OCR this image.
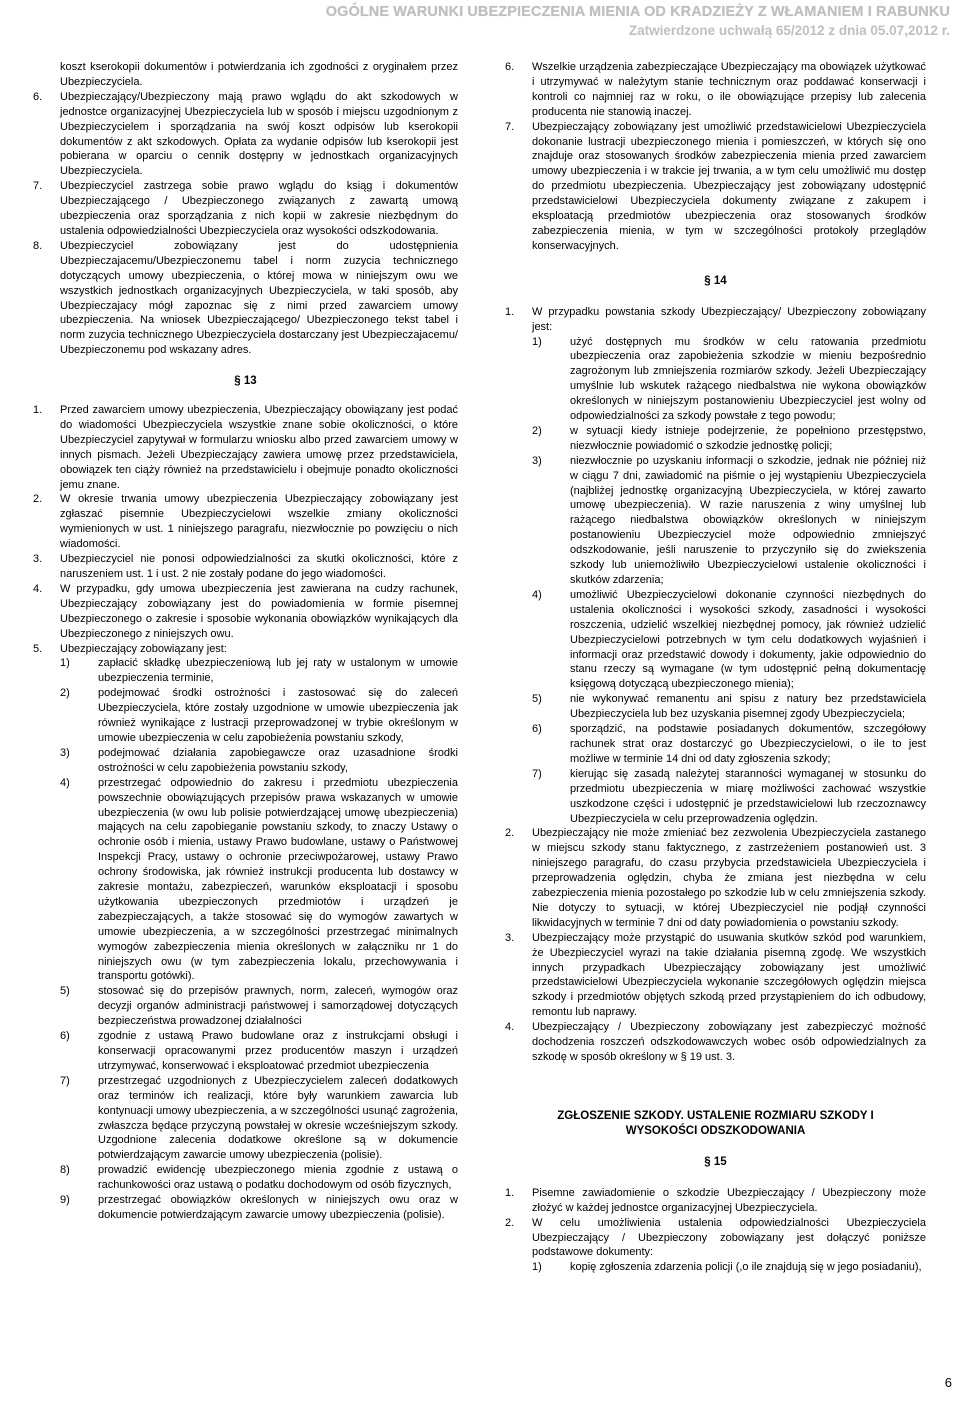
OGÓLNE WARUNKI UBEZPIECZENIA MIENIA OD KRADZIEŻY Z WŁAMANIEM I RABUNKU
Zatwierdzone uchwałą 65/2012 z dnia 05.07,2012 r.
koszt kserokopii dokumentów i potwierdzania ich zgodności z oryginałem przez Ubezpieczyciela.
6.	Ubezpieczający/Ubezpieczony mają prawo wglądu do akt szkodowych w jednostce organizacyjnej Ubezpieczyciela lub w sposób i miejscu uzgodnionym z Ubezpieczycielem i sporządzania na swój koszt odpisów lub kserokopii dokumentów z akt szkodowych. Opłata za wydanie odpisów lub kserokopii jest pobierana w oparciu o cennik dostępny w jednostkach organizacyjnych Ubezpieczyciela.
7.	Ubezpieczyciel zastrzega sobie prawo wglądu do ksiąg i dokumentów Ubezpieczającego / Ubezpieczonego związanych z zawartą umową ubezpieczenia oraz sporządzania z nich kopii w zakresie niezbędnym do ustalenia odpowiedzialności Ubezpieczyciela oraz wysokości odszkodowania.
8.	Ubezpieczyciel zobowiązany jest do udostępnienia Ubezpieczajacemu/Ubezpieczonemu tabel i norm zuzycia technicznego dotyczących umowy ubezpieczenia, o której mowa w niniejszym owu we wszystkich jednostkach organizacyjnych Ubezpieczyciela, w taki sposób, aby Ubezpieczajacy mógł zapoznac się z nimi przed zawarciem umowy ubezpieczenia. Na wniosek Ubezpieczającego/ Ubezpieczonego tekst tabel i norm zuzycia technicznego Ubezpieczyciela dostarczany jest Ubezpieczajacemu/ Ubezpieczonemu pod wskazany adres.
§ 13
1.	Przed zawarciem umowy ubezpieczenia, Ubezpieczający obowiązany jest podać do wiadomości Ubezpieczyciela wszystkie znane sobie okoliczności, o które Ubezpieczyciel zapytywał w formularzu wniosku albo przed zawarciem umowy w innych pismach. Jeżeli Ubezpieczający zawiera umowę przez przedstawiciela, obowiązek ten ciąży również na przedstawicielu i obejmuje ponadto okoliczności jemu znane.
2.	W okresie trwania umowy ubezpieczenia Ubezpieczający zobowiązany jest zgłaszać pisemnie Ubezpieczycielowi wszelkie zmiany okoliczności wymienionych w ust. 1 niniejszego paragrafu, niezwłocznie po powzięciu o nich wiadomości.
3.	Ubezpieczyciel nie ponosi odpowiedzialności za skutki okoliczności, które z naruszeniem ust. 1 i ust. 2 nie zostały podane do jego wiadomości.
4.	W przypadku, gdy umowa ubezpieczenia jest zawierana na cudzy rachunek, Ubezpieczający zobowiązany jest do powiadomienia w formie pisemnej Ubezpieczonego o zakresie i sposobie wykonania obowiązków wynikających dla Ubezpieczonego z niniejszych owu.
5.	Ubezpieczający zobowiązany jest:
1)	zapłacić składkę ubezpieczeniową lub jej raty w ustalonym w umowie ubezpieczenia terminie,
2)	podejmować środki ostrożności i zastosować się do zaleceń Ubezpieczyciela, które zostały uzgodnione w umowie ubezpieczenia jak również wynikające z lustracji przeprowadzonej w trybie określonym w umowie ubezpieczenia w celu zapobieżenia powstaniu szkody,
3)	podejmować działania zapobiegawcze oraz uzasadnione środki ostrożności w celu zapobieżenia powstaniu szkody,
4)	przestrzegać odpowiednio do zakresu i przedmiotu ubezpieczenia powszechnie obowiązujących przepisów prawa wskazanych w umowie ubezpieczenia (w owu lub polisie potwierdzającej umowę ubezpieczenia) mających na celu zapobieganie powstaniu szkody, to znaczy Ustawy o ochronie osób i mienia, ustawy Prawo budowlane, ustawy o Państwowej Inspekcji Pracy, ustawy o ochronie przeciwpożarowej, ustawy Prawo ochrony środowiska, jak również instrukcji producenta lub dostawcy w zakresie montażu, zabezpieczeń, warunków eksploatacji i sposobu użytkowania ubezpieczonych przedmiotów i urządzeń je zabezpieczających, a także stosować się do wymogów zawartych w umowie ubezpieczenia, a w szczególności przestrzegać minimalnych wymogów zabezpieczenia mienia określonych w załączniku nr 1 do niniejszych owu (w tym zabezpieczenia lokalu, przechowywania i transportu gotówki).
5)	stosować się do przepisów prawnych, norm, zaleceń, wymogów oraz decyzji organów administracji państwowej i samorządowej dotyczących bezpieczeństwa prowadzonej działalności
6)	zgodnie z ustawą Prawo budowlane oraz z instrukcjami obsługi i konserwacji opracowanymi przez producentów maszyn i urządzeń utrzymywać, konserwować i eksploatować przedmiot ubezpieczenia
7)	przestrzegać uzgodnionych z Ubezpieczycielem zaleceń dodatkowych oraz terminów ich realizacji, które były warunkiem zawarcia lub kontynuacji umowy ubezpieczenia, a w szczególności usunąć zagrożenia, zwłaszcza będące przyczyną powstałej w okresie wcześniejszym szkody. Uzgodnione zalecenia dodatkowe określone są w dokumencie potwierdzającym zawarcie umowy ubezpieczenia (polisie).
8)	prowadzić ewidencję ubezpieczonego mienia zgodnie z ustawą o rachunkowości oraz ustawą o podatku dochodowym od osób fizycznych,
9)	przestrzegać obowiązków określonych w niniejszych owu oraz w dokumencie potwierdzającym zawarcie umowy ubezpieczenia (polisie).
6.	Wszelkie urządzenia zabezpieczające Ubezpieczający ma obowiązek użytkować i utrzymywać w należytym stanie technicznym oraz poddawać konserwacji i kontroli co najmniej raz w roku, o ile obowiązujące przepisy lub zalecenia producenta nie stanowią inaczej.
7.	Ubezpieczający zobowiązany jest umożliwić przedstawicielowi Ubezpieczyciela dokonanie lustracji ubezpieczonego mienia i pomieszczeń, w których się ono znajduje oraz stosowanych środków zabezpieczenia mienia przed zawarciem umowy ubezpieczenia i w trakcie jej trwania, a w tym celu umożliwić mu dostęp do przedmiotu ubezpieczenia. Ubezpieczający jest zobowiązany udostępnić przedstawicielowi Ubezpieczyciela dokumenty związane z zakupem i eksploatacją przedmiotów ubezpieczenia oraz stosowanych środków zabezpieczenia mienia, w tym w szczególności protokoły przeglądów konserwacyjnych.
§ 14
1.	W przypadku powstania szkody Ubezpieczający/ Ubezpieczony zobowiązany jest:
1)	użyć dostępnych mu środków w celu ratowania przedmiotu ubezpieczenia oraz zapobieżenia szkodzie w mieniu bezpośrednio zagrożonym lub zmniejszenia rozmiarów szkody. Jeżeli Ubezpieczający umyślnie lub wskutek rażącego niedbalstwa nie wykona obowiązków określonych w niniejszym postanowieniu Ubezpieczyciel jest wolny od odpowiedzialności za szkody powstałe z tego powodu;
2)	w sytuacji kiedy istnieje podejrzenie, że popełniono przestępstwo, niezwłocznie powiadomić o szkodzie jednostkę policji;
3)	niezwłocznie po uzyskaniu informacji o szkodzie, jednak nie później niż w ciągu 7 dni, zawiadomić na piśmie o jej wystąpieniu Ubezpieczyciela (najbliżej jednostkę organizacyjną Ubezpieczyciela, w której zawarto umowę ubezpieczenia). W razie naruszenia z winy umyślnej lub rażącego niedbalstwa obowiązków określonych w niniejszym postanowieniu Ubezpieczyciel może odpowiednio zmniejszyć odszkodowanie, jeśli naruszenie to przyczyniło się do zwiekszenia szkody lub uniemożliwiło Ubezpieczycielowi ustalenie okoliczności i skutków zdarzenia;
4)	umożliwić Ubezpieczycielowi dokonanie czynności niezbędnych do ustalenia okoliczności i wysokości szkody, zasadności i wysokości roszczenia, udzielić wszelkiej niezbędnej pomocy, jak również udzielić Ubezpieczycielowi potrzebnych w tym celu dodatkowych wyjaśnień i informacji oraz przedstawić dowody i dokumenty, jakie odpowiednio do stanu rzeczy są wymagane (w tym udostępnić pełną dokumentację księgową dotyczącą ubezpieczonego mienia);
5)	nie wykonywać remanentu ani spisu z natury bez przedstawiciela Ubezpieczyciela lub bez uzyskania pisemnej zgody Ubezpieczyciela;
6)	sporządzić, na podstawie posiadanych dokumentów, szczegółowy rachunek strat oraz dostarczyć go Ubezpieczycielowi, o ile to jest możliwe w terminie 14 dni od daty zgłoszenia szkody;
7)	kierując się zasadą należytej staranności wymaganej w stosunku do przedmiotu ubezpieczenia w miarę możliwości zachować wszystkie uszkodzone części i udostępnić je przedstawicielowi lub rzeczoznawcy Ubezpieczyciela w celu przeprowadzenia oględzin.
2.	Ubezpieczający nie może zmieniać bez zezwolenia Ubezpieczyciela zastanego w miejscu szkody stanu faktycznego, z zastrzeżeniem postanowień ust. 3 niniejszego paragrafu, do czasu przybycia przedstawiciela Ubezpieczyciela i przeprowadzenia oględzin, chyba że zmiana jest niezbędna w celu zabezpieczenia mienia pozostałego po szkodzie lub w celu zmniejszenia szkody. Nie dotyczy to sytuacji, w której Ubezpieczyciel nie podjął czynności likwidacyjnych w terminie 7 dni od daty powiadomienia o powstaniu szkody.
3.	Ubezpieczający może przystąpić do usuwania skutków szkód pod warunkiem, że Ubezpieczyciel wyrazi na takie działania pisemną zgodę. We wszystkich innych przypadkach Ubezpieczający zobowiązany jest umożliwić przedstawicielowi Ubezpieczyciela wykonanie szczegółowych oględzin miejsca szkody i przedmiotów objętych szkodą przed przystąpieniem do ich odbudowy, remontu lub naprawy.
4.	Ubezpieczający / Ubezpieczony zobowiązany jest zabezpieczyć możność dochodzenia roszczeń odszkodowawczych wobec osób odpowiedzialnych za szkodę w sposób określony w § 19 ust. 3.
ZGŁOSZENIE SZKODY. USTALENIE ROZMIARU SZKODY I WYSOKOŚCI ODSZKODOWANIA
§ 15
1.	Pisemne zawiadomienie o szkodzie Ubezpieczający / Ubezpieczony może złożyć w każdej jednostce organizacyjnej Ubezpieczyciela.
2.	W celu umożliwienia ustalenia odpowiedzialności Ubezpieczyciela Ubezpieczający / Ubezpieczony zobowiązany jest dołączyć poniższe podstawowe dokumenty:
1)	kopię zgłoszenia zdarzenia policji (,o ile znajdują się w jego posiadaniu),
6
